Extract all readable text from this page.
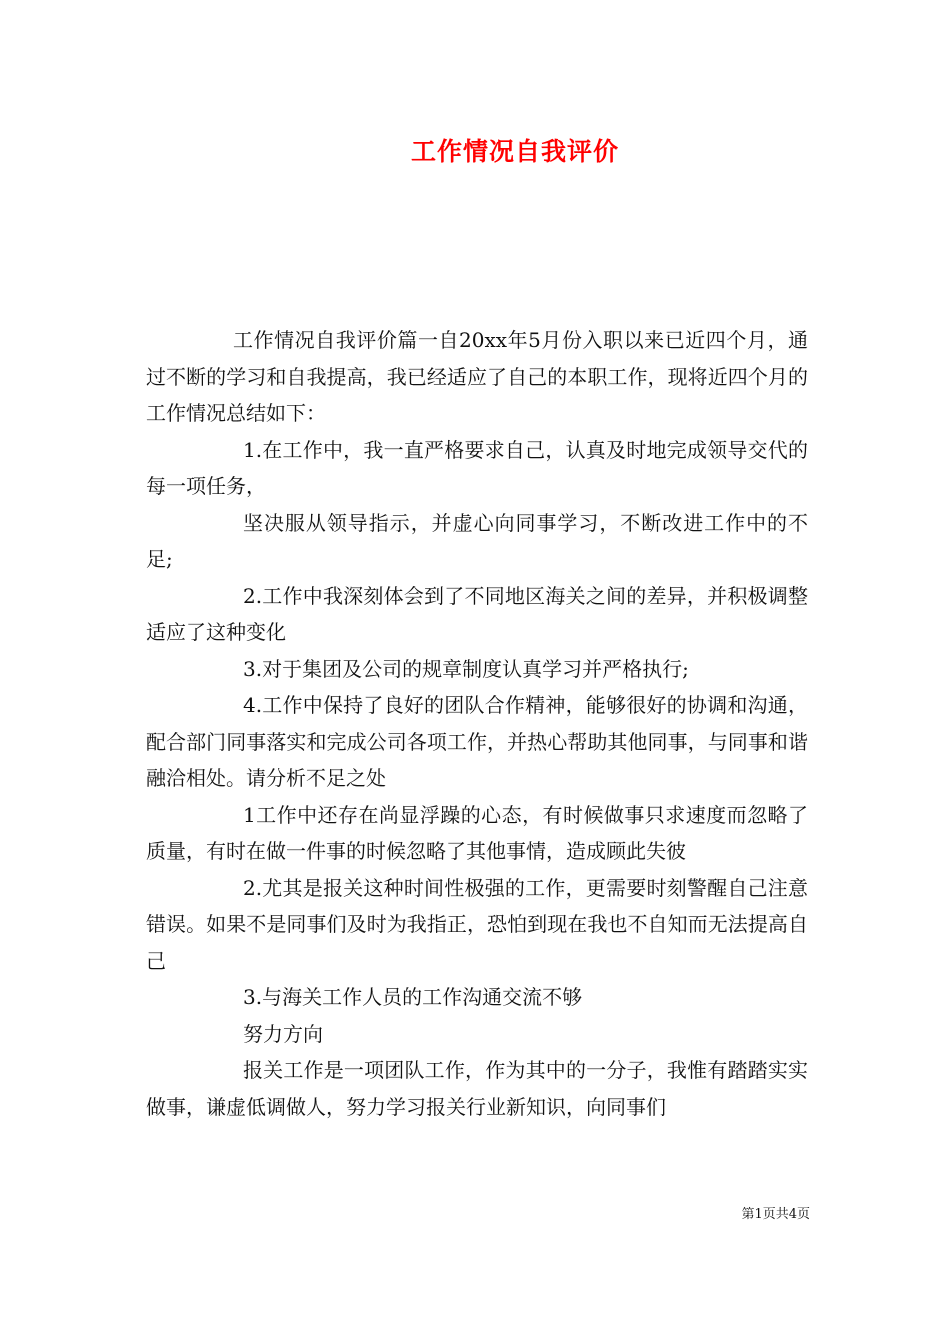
工作情况自我评价

工作情况自我评价篇一自20xx年5月份入职以来已近四个月，通过不断的学习和自我提高，我已经适应了自己的本职工作，现将近四个月的工作情况总结如下：

1.在工作中，我一直严格要求自己，认真及时地完成领导交代的每一项任务，

坚决服从领导指示，并虚心向同事学习，不断改进工作中的不足;

2.工作中我深刻体会到了不同地区海关之间的差异，并积极调整适应了这种变化

3.对于集团及公司的规章制度认真学习并严格执行;

4.工作中保持了良好的团队合作精神，能够很好的协调和沟通，配合部门同事落实和完成公司各项工作，并热心帮助其他同事，与同事和谐融洽相处。请分析不足之处

1工作中还存在尚显浮躁的心态，有时候做事只求速度而忽略了质量，有时在做一件事的时候忽略了其他事情，造成顾此失彼

2.尤其是报关这种时间性极强的工作，更需要时刻警醒自己注意错误。如果不是同事们及时为我指正，恐怕到现在我也不自知而无法提高自己

3.与海关工作人员的工作沟通交流不够

努力方向

报关工作是一项团队工作，作为其中的一分子，我惟有踏踏实实做事，谦虚低调做人，努力学习报关行业新知识，向同事们

第1页共4页
